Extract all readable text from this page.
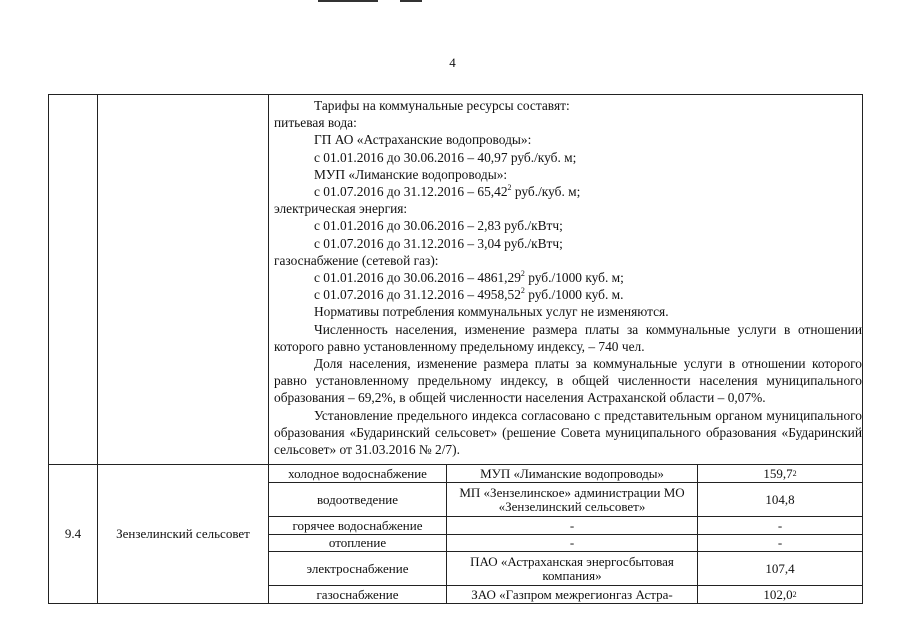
4
Тарифы на коммунальные ресурсы составят:
питьевая вода:
ГП АО «Астраханские водопроводы»:
с 01.01.2016 до 30.06.2016 – 40,97 руб./куб. м;
МУП «Лиманские водопроводы»:
с 01.07.2016 до 31.12.2016 – 65,42$^2$ руб./куб. м;
электрическая энергия:
с 01.01.2016 до 30.06.2016 – 2,83 руб./кВтч;
с 01.07.2016 до 31.12.2016 – 3,04 руб./кВтч;
газоснабжение (сетевой газ):
с 01.01.2016 до 30.06.2016 – 4861,29$^2$ руб./1000 куб. м;
с 01.07.2016 до 31.12.2016 – 4958,52$^2$ руб./1000 куб. м.
Нормативы потребления коммунальных услуг не изменяются.
Численность населения, изменение размера платы за коммунальные услуги в отношении которого равно установленному предельному индексу, – 740 чел.
Доля населения, изменение размера платы за коммунальные услуги в отношении которого равно установленному предельному индексу, в общей численности населения муниципального образования – 69,2%, в общей численности населения Астраханской области – 0,07%.
Установление предельного индекса согласовано с представительным органом муниципального образования «Бударинский сельсовет» (решение Совета муниципального образования «Бударинский сельсовет» от 31.03.2016 № 2/7).
9.4	Зензелинский сельсовет
холодное водоснабжение	МУП «Лиманские водопроводы»	159,7 2
водоотведение	МП «Зензелинское» администрации МО «Зензелинский сельсовет»	104,8
горячее водоснабжение	-	-
отопление	-	-
электроснабжение	ПАО «Астраханская энергосбытовая компания»	107,4
газоснабжение	ЗАО «Газпром межрегионгаз Астра-	102,0 2
